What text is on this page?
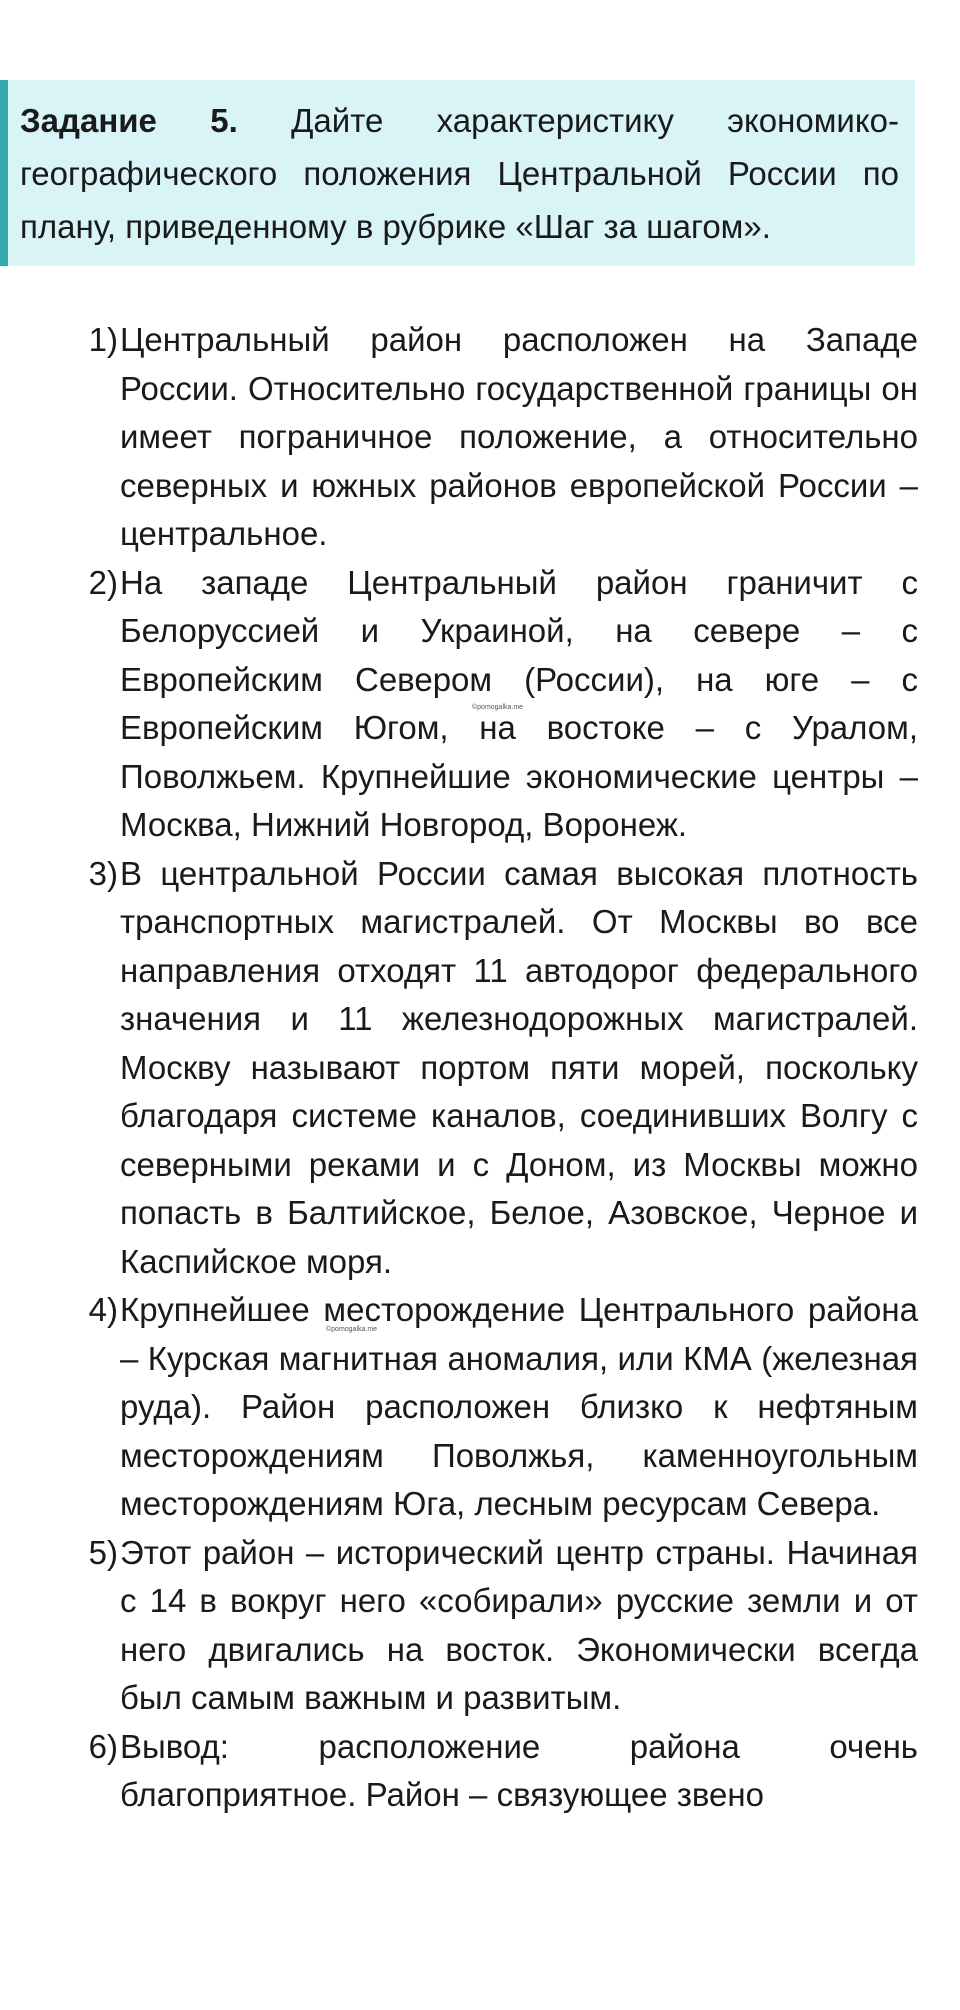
Задание 5. Дайте характеристику экономико-географического положения Центральной России по плану, приведенному в рубрике «Шаг за шагом».
1) Центральный район расположен на Западе России. Относительно государственной границы он имеет пограничное положение, а относительно северных и южных районов европейской России – центральное.
2) На западе Центральный район граничит с Белоруссией и Украиной, на севере – с Европейским Севером (России), на юге – с Европейским Югом, на востоке – с Уралом, Поволжьем. Крупнейшие экономические центры – Москва, Нижний Новгород, Воронеж.
3) В центральной России самая высокая плотность транспортных магистралей. От Москвы во все направления отходят 11 автодорог федерального значения и 11 железнодорожных магистралей. Москву называют портом пяти морей, поскольку благодаря системе каналов, соединивших Волгу с северными реками и с Доном, из Москвы можно попасть в Балтийское, Белое, Азовское, Черное и Каспийское моря.
4) Крупнейшее месторождение Центрального района – Курская магнитная аномалия, или КМА (железная руда). Район расположен близко к нефтяным месторождениям Поволжья, каменноугольным месторождениям Юга, лесным ресурсам Севера.
5) Этот район – исторический центр страны. Начиная с 14 в вокруг него «собирали» русские земли и от него двигались на восток. Экономически всегда был самым важным и развитым.
6) Вывод: расположение района очень благоприятное. Район – связующее звено
©pomogalka.me
©pomogalka.me
